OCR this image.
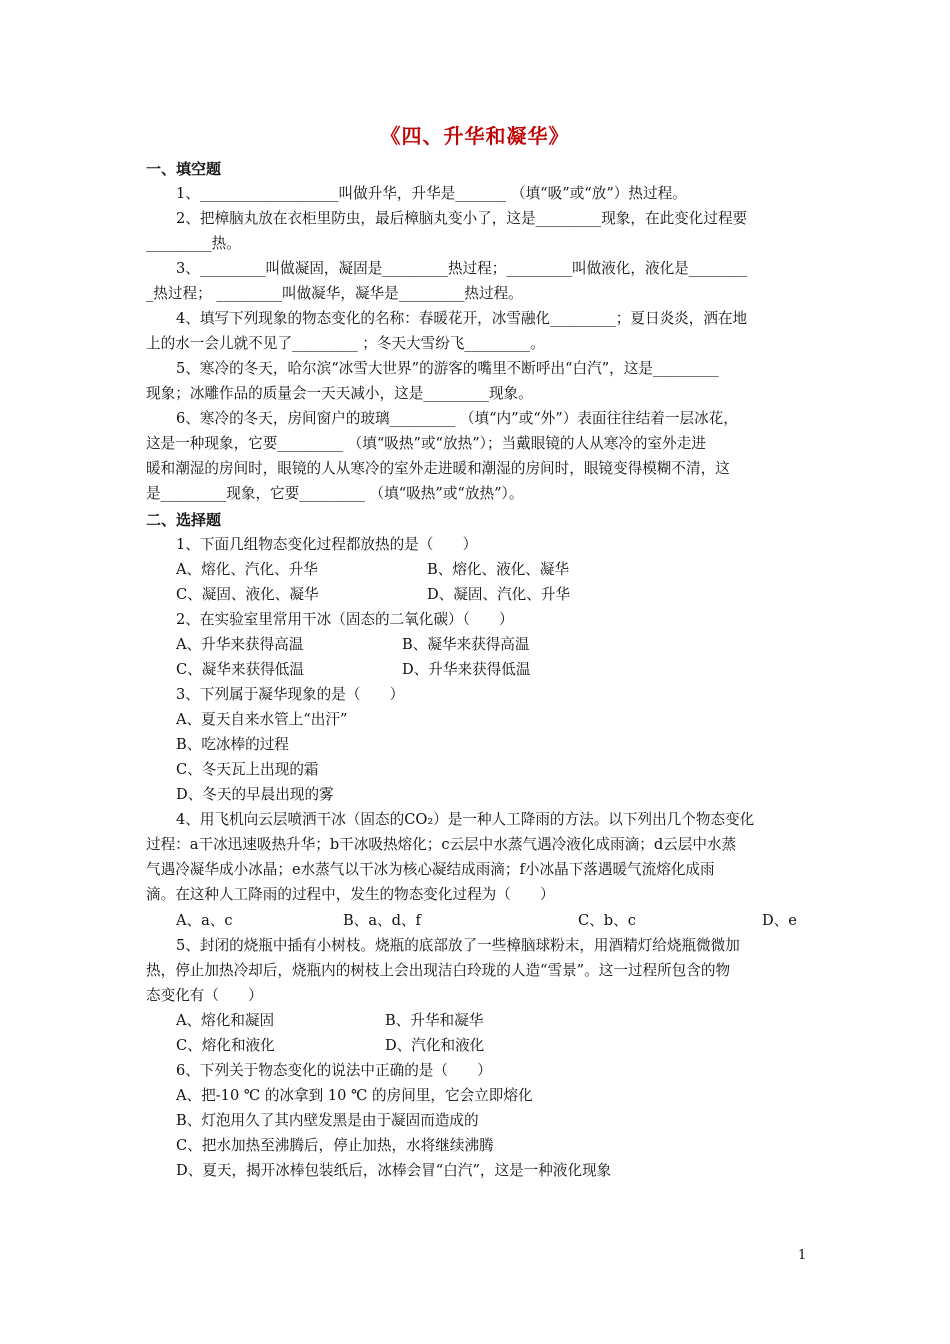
《四、升华和凝华》
一、填空题
1、___________________叫做升华，升华是_______ （填“吸”或“放”）热过程。
2、把樟脑丸放在衣柜里防虫，最后樟脑丸变小了，这是_________现象，在此变化过程要
_________热。
3、_________叫做凝固，凝固是_________热过程；_________叫做液化，液化是________
_热过程； _________叫做凝华，凝华是_________热过程。
4、填写下列现象的物态变化的名称：春暖花开，冰雪融化_________；夏日炎炎，洒在地
上的水一会儿就不见了_________ ；冬天大雪纷飞_________。
5、寒冷的冬天，哈尔滨“冰雪大世界”的游客的嘴里不断呼出“白汽”，这是_________
现象；冰雕作品的质量会一天天减小，这是_________现象。
6、寒冷的冬天，房间窗户的玻璃_________ （填“内”或“外”）表面往往结着一层冰花，
这是一种现象，它要_________ （填“吸热”或“放热”）；当戴眼镜的人从寒冷的室外走进
暖和潮湿的房间时，眼镜的人从寒冷的室外走进暖和潮湿的房间时，眼镜变得模糊不清，这
是_________现象，它要_________ （填“吸热”或“放热”）。
二、选择题
1、下面几组物态变化过程都放热的是（　　）
A、熔化、汽化、升华	B、熔化、液化、凝华
C、凝固、液化、凝华	D、凝固、汽化、升华
2、在实验室里常用干冰（固态的二氧化碳）（　　）
A、升华来获得高温	B、凝华来获得高温
C、凝华来获得低温	D、升华来获得低温
3、下列属于凝华现象的是（　　）
A、夏天自来水管上“出汗”
B、吃冰棒的过程
C、冬天瓦上出现的霜
D、冬天的早晨出现的雾
4、用飞机向云层喷洒干冰（固态的CO₂）是一种人工降雨的方法。以下列出几个物态变化
过程：a干冰迅速吸热升华；b干冰吸热熔化；c云层中水蒸气遇冷液化成雨滴；d云层中水蒸
气遇冷凝华成小冰晶；e水蒸气以干冰为核心凝结成雨滴；f小冰晶下落遇暖气流熔化成雨
滴。在这种人工降雨的过程中，发生的物态变化过程为（　　）
A、a、c	B、a、d、f	C、b、c	D、e
5、封闭的烧瓶中插有小树枝。烧瓶的底部放了一些樟脑球粉末，用酒精灯给烧瓶微微加
热，停止加热冷却后，烧瓶内的树枝上会出现洁白玲珑的人造“雪景”。这一过程所包含的物
态变化有（　　）
A、熔化和凝固	B、升华和凝华
C、熔化和液化	D、汽化和液化
6、下列关于物态变化的说法中正确的是（　　）
A、把-10 ℃ 的冰拿到 10 ℃ 的房间里，它会立即熔化
B、灯泡用久了其内壁发黑是由于凝固而造成的
C、把水加热至沸腾后，停止加热，水将继续沸腾
D、夏天，揭开冰棒包装纸后，冰棒会冒“白汽”，这是一种液化现象
1
